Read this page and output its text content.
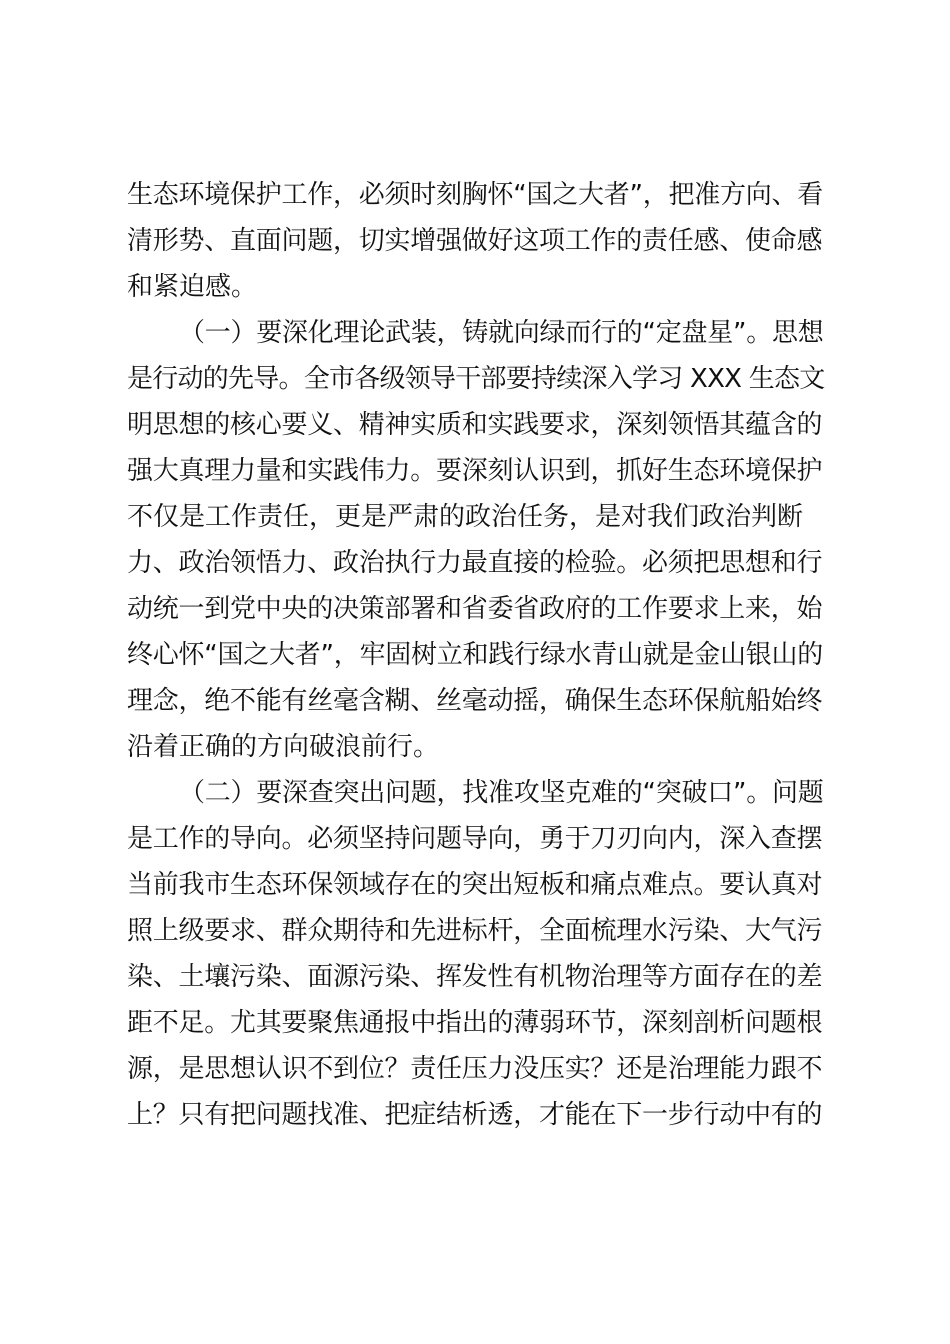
生态环境保护工作，必须时刻胸怀“国之大者”，把准方向、看
清形势、直面问题，切实增强做好这项工作的责任感、使命感
和紧迫感。
（一）要深化理论武装，铸就向绿而行的“定盘星”。思想
是行动的先导。全市各级领导干部要持续深入学习 XXX 生态文
明思想的核心要义、精神实质和实践要求，深刻领悟其蕴含的
强大真理力量和实践伟力。要深刻认识到，抓好生态环境保护
不仅是工作责任，更是严肃的政治任务，是对我们政治判断
力、政治领悟力、政治执行力最直接的检验。必须把思想和行
动统一到党中央的决策部署和省委省政府的工作要求上来，始
终心怀“国之大者”，牢固树立和践行绿水青山就是金山银山的
理念，绝不能有丝毫含糊、丝毫动摇，确保生态环保航船始终
沿着正确的方向破浪前行。
（二）要深查突出问题，找准攻坚克难的“突破口”。问题
是工作的导向。必须坚持问题导向，勇于刀刃向内，深入查摆
当前我市生态环保领域存在的突出短板和痛点难点。要认真对
照上级要求、群众期待和先进标杆，全面梳理水污染、大气污
染、土壤污染、面源污染、挥发性有机物治理等方面存在的差
距不足。尤其要聚焦通报中指出的薄弱环节，深刻剖析问题根
源，是思想认识不到位？责任压力没压实？还是治理能力跟不
上？只有把问题找准、把症结析透，才能在下一步行动中有的
